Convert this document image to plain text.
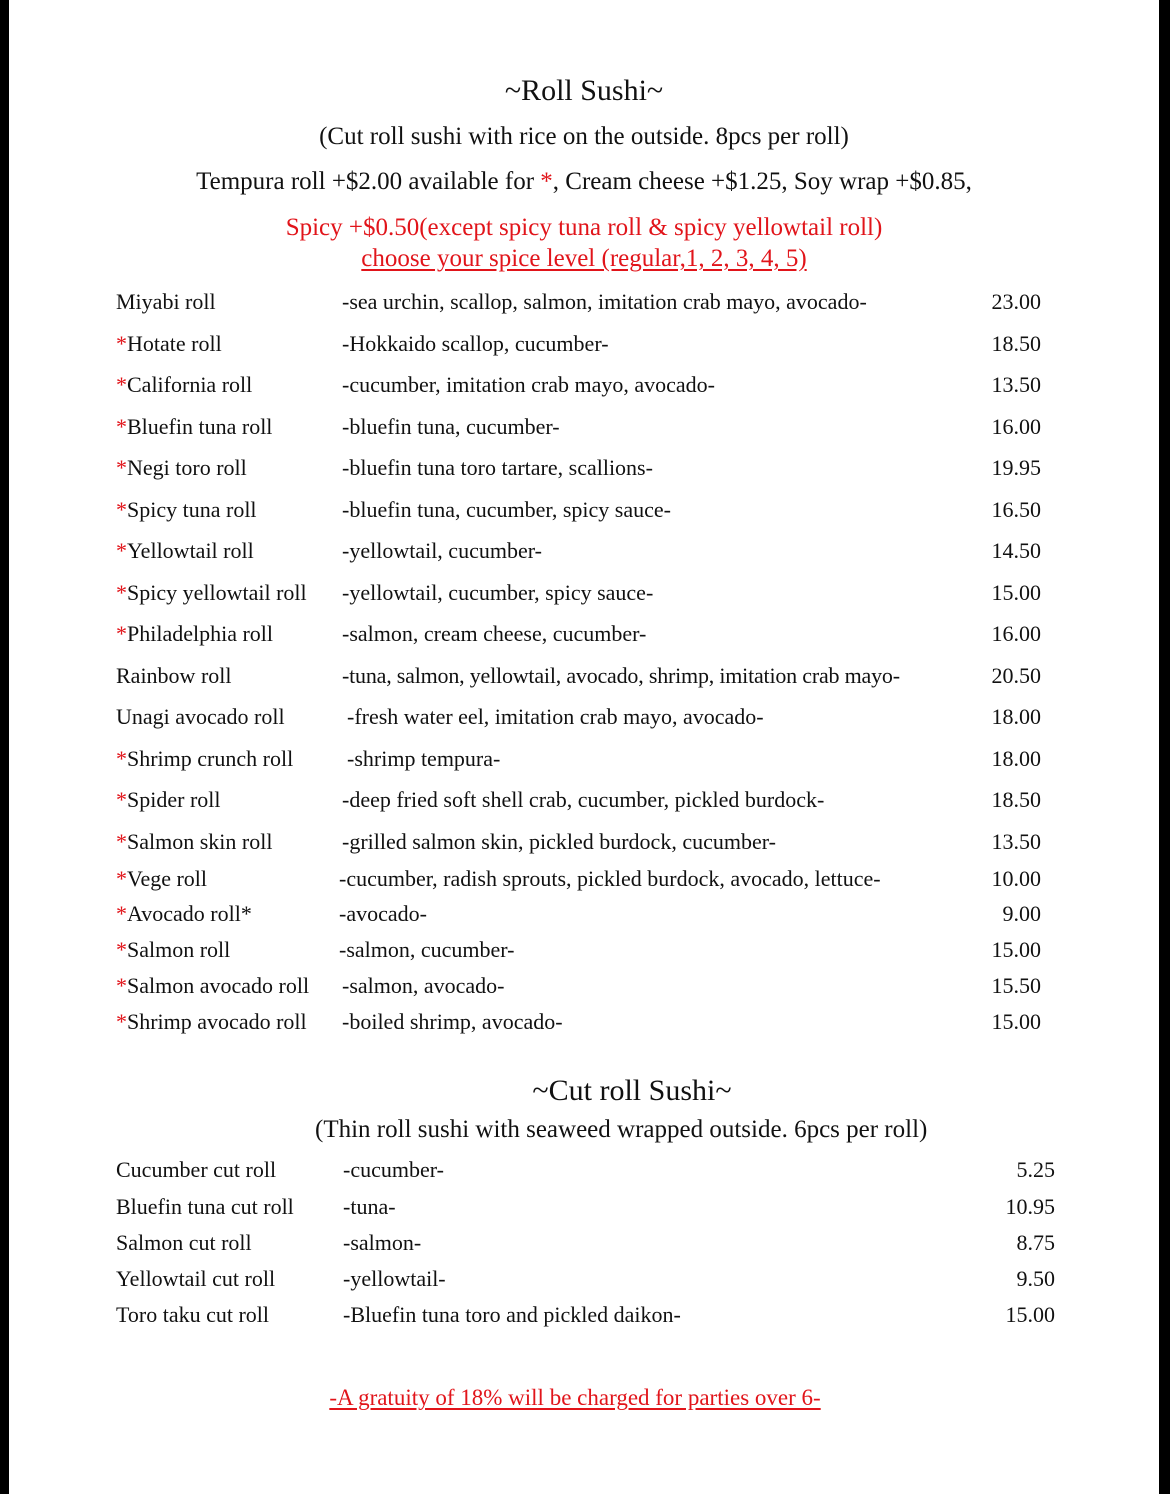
~Roll Sushi~
(Cut roll sushi with rice on the outside. 8pcs per roll)
Tempura roll +$2.00 available for *, Cream cheese +$1.25, Soy wrap +$0.85,
Spicy +$0.50(except spicy tuna roll & spicy yellowtail roll)
choose your spice level (regular,1, 2, 3, 4, 5)
Miyabi roll	-sea urchin, scallop, salmon, imitation crab mayo, avocado-	23.00
*Hotate roll	-Hokkaido scallop, cucumber-	18.50
*California roll	-cucumber, imitation crab mayo, avocado-	13.50
*Bluefin tuna roll	-bluefin tuna, cucumber-	16.00
*Negi toro roll	-bluefin tuna toro tartare, scallions-	19.95
*Spicy tuna roll	-bluefin tuna, cucumber, spicy sauce-	16.50
*Yellowtail roll	-yellowtail, cucumber-	14.50
*Spicy yellowtail roll -yellowtail, cucumber, spicy sauce-	15.00
*Philadelphia roll	-salmon, cream cheese, cucumber-	16.00
Rainbow roll	-tuna, salmon, yellowtail, avocado, shrimp, imitation crab mayo-	20.50
Unagi avocado roll	-fresh water eel, imitation crab mayo, avocado-	18.00
*Shrimp crunch roll -shrimp tempura-	18.00
*Spider roll	-deep fried soft shell crab, cucumber, pickled burdock-	18.50
*Salmon skin roll	-grilled salmon skin, pickled burdock, cucumber-	13.50
*Vege roll	-cucumber, radish sprouts, pickled burdock, avocado, lettuce-	10.00
*Avocado roll*	-avocado-	9.00
*Salmon roll	-salmon, cucumber-	15.00
*Salmon avocado roll -salmon, avocado-	15.50
*Shrimp avocado roll -boiled shrimp, avocado-	15.00
~Cut roll Sushi~
(Thin roll sushi with seaweed wrapped outside. 6pcs per roll)
Cucumber cut roll	-cucumber-	5.25
Bluefin tuna cut roll -tuna-	10.95
Salmon cut roll	-salmon-	8.75
Yellowtail cut roll	-yellowtail-	9.50
Toro taku cut roll	-Bluefin tuna toro and pickled daikon-	15.00
-A gratuity of 18% will be charged for parties over 6-
